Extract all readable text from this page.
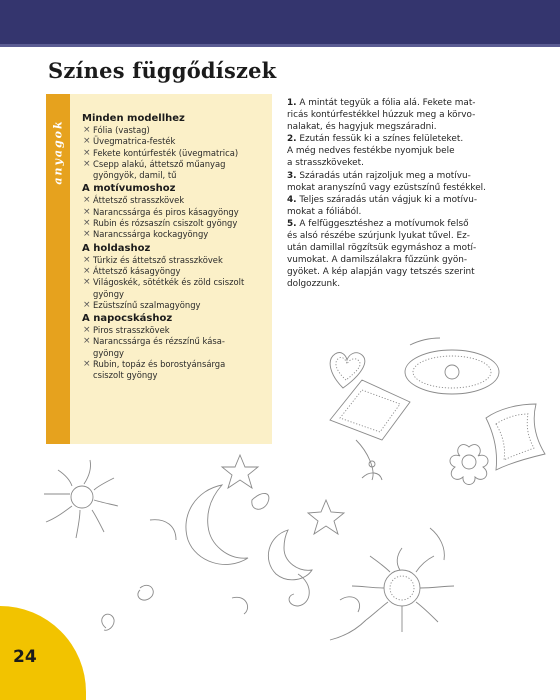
Színes függődíszek
anyagok
Minden modellhez
× Fólia (vastag)
× Üvegmatrica-festék
× Fekete kontúrfesték (üvegmatrica)
× Csepp alakú, áttetsző műanyag
gyöngyök, damil, tű
A motívumoshoz
× Áttetsző strasszkövek
× Narancssárga és piros kásagyöngy
× Rubin és rózsaszín csiszolt gyöngy
× Narancssárga kockagyöngy
A holdashoz
× Türkiz és áttetsző strasszkövek
× Áttetsző kásagyöngy
× Világoskék, sötétkék és zöld csiszolt
gyöngy
× Ezüstszínű szalmagyöngy
A napocskáshoz
× Piros strasszkövek
× Narancssárga és rézszínű kása-
gyöngy
× Rubin, topáz és borostyánsárga
csiszolt gyöngy
1. A mintát tegyük a fólia alá. Fekete mat-
ricás kontúrfestékkel húzzuk meg a körvo-
nalakat, és hagyjuk megszáradni.
2. Ezután fessük ki a színes felületeket.
A még nedves festékbe nyomjuk bele
a strasszköveket.
3. Száradás után rajzoljuk meg a motívu-
mokat aranyszínű vagy ezüstszínű festékkel.
4. Teljes száradás után vágjuk ki a motívu-
mokat a fóliából.
5. A felfüggesztéshez a motívumok felső
és alsó részébe szúrjunk lyukat tűvel. Ez-
után damillal rögzítsük egymáshoz a motí-
vumokat. A damilszálakra fűzzünk gyön-
gyöket. A kép alapján vagy tetszés szerint
dolgozzunk.
24
